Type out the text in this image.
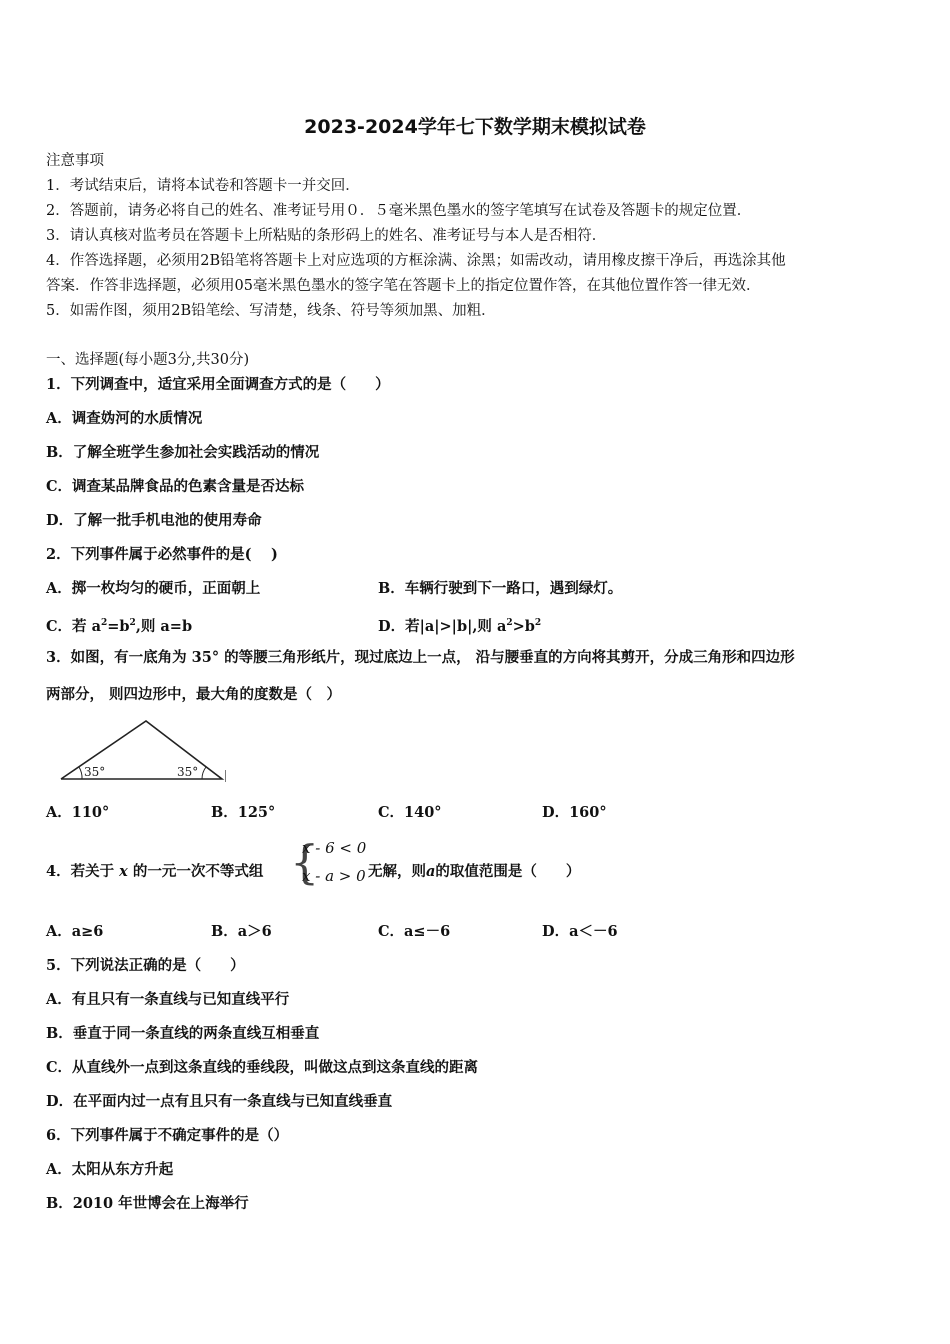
2023-2024学年七下数学期末模拟试卷
注意事项
1．考试结束后，请将本试卷和答题卡一并交回．
2．答题前，请务必将自己的姓名、准考证号用０．５毫米黑色墨水的签字笔填写在试卷及答题卡的规定位置．
3．请认真核对监考员在答题卡上所粘贴的条形码上的姓名、准考证号与本人是否相符．
4．作答选择题，必须用2B铅笔将答题卡上对应选项的方框涂满、涂黑；如需改动，请用橡皮擦干净后，再选涂其他
答案．作答非选择题，必须用05毫米黑色墨水的签字笔在答题卡上的指定位置作答，在其他位置作答一律无效．
5．如需作图，须用2B铅笔绘、写清楚，线条、符号等须加黑、加粗．
一、选择题(每小题3分,共30分)
1．下列调查中，适宜采用全面调查方式的是（　　）
A．调查妫河的水质情况
B．了解全班学生参加社会实践活动的情况
C．调查某品牌食品的色素含量是否达标
D．了解一批手机电池的使用寿命
2．下列事件属于必然事件的是(　 )
A．掷一枚均匀的硬币，正面朝上	B．车辆行驶到下一路口，遇到绿灯。
C．若 $a^2=b^2$,则 a=b	D．若|a|>|b|,则 $a^2>b^2$
3．如图，有一底角为 35° 的等腰三角形纸片，现过底边上一点， 沿与腰垂直的方向将其剪开，分成三角形和四边形
两部分， 则四边形中，最大角的度数是（　）
35°	35°
A．110°	B．125°	C．140°	D．160°
4．若关于 x 的一元一次不等式组 {
x - 6 < 0
x - a > 0 无解，则a的取值范围是（　　）
A．a≥6	B．a＞6	C．a≤－6	D．a＜－6
5．下列说法正确的是（　　）
A．有且只有一条直线与已知直线平行
B．垂直于同一条直线的两条直线互相垂直
C．从直线外一点到这条直线的垂线段，叫做这点到这条直线的距离
D．在平面内过一点有且只有一条直线与已知直线垂直
6．下列事件属于不确定事件的是（）
A．太阳从东方升起
B．2010 年世博会在上海举行
